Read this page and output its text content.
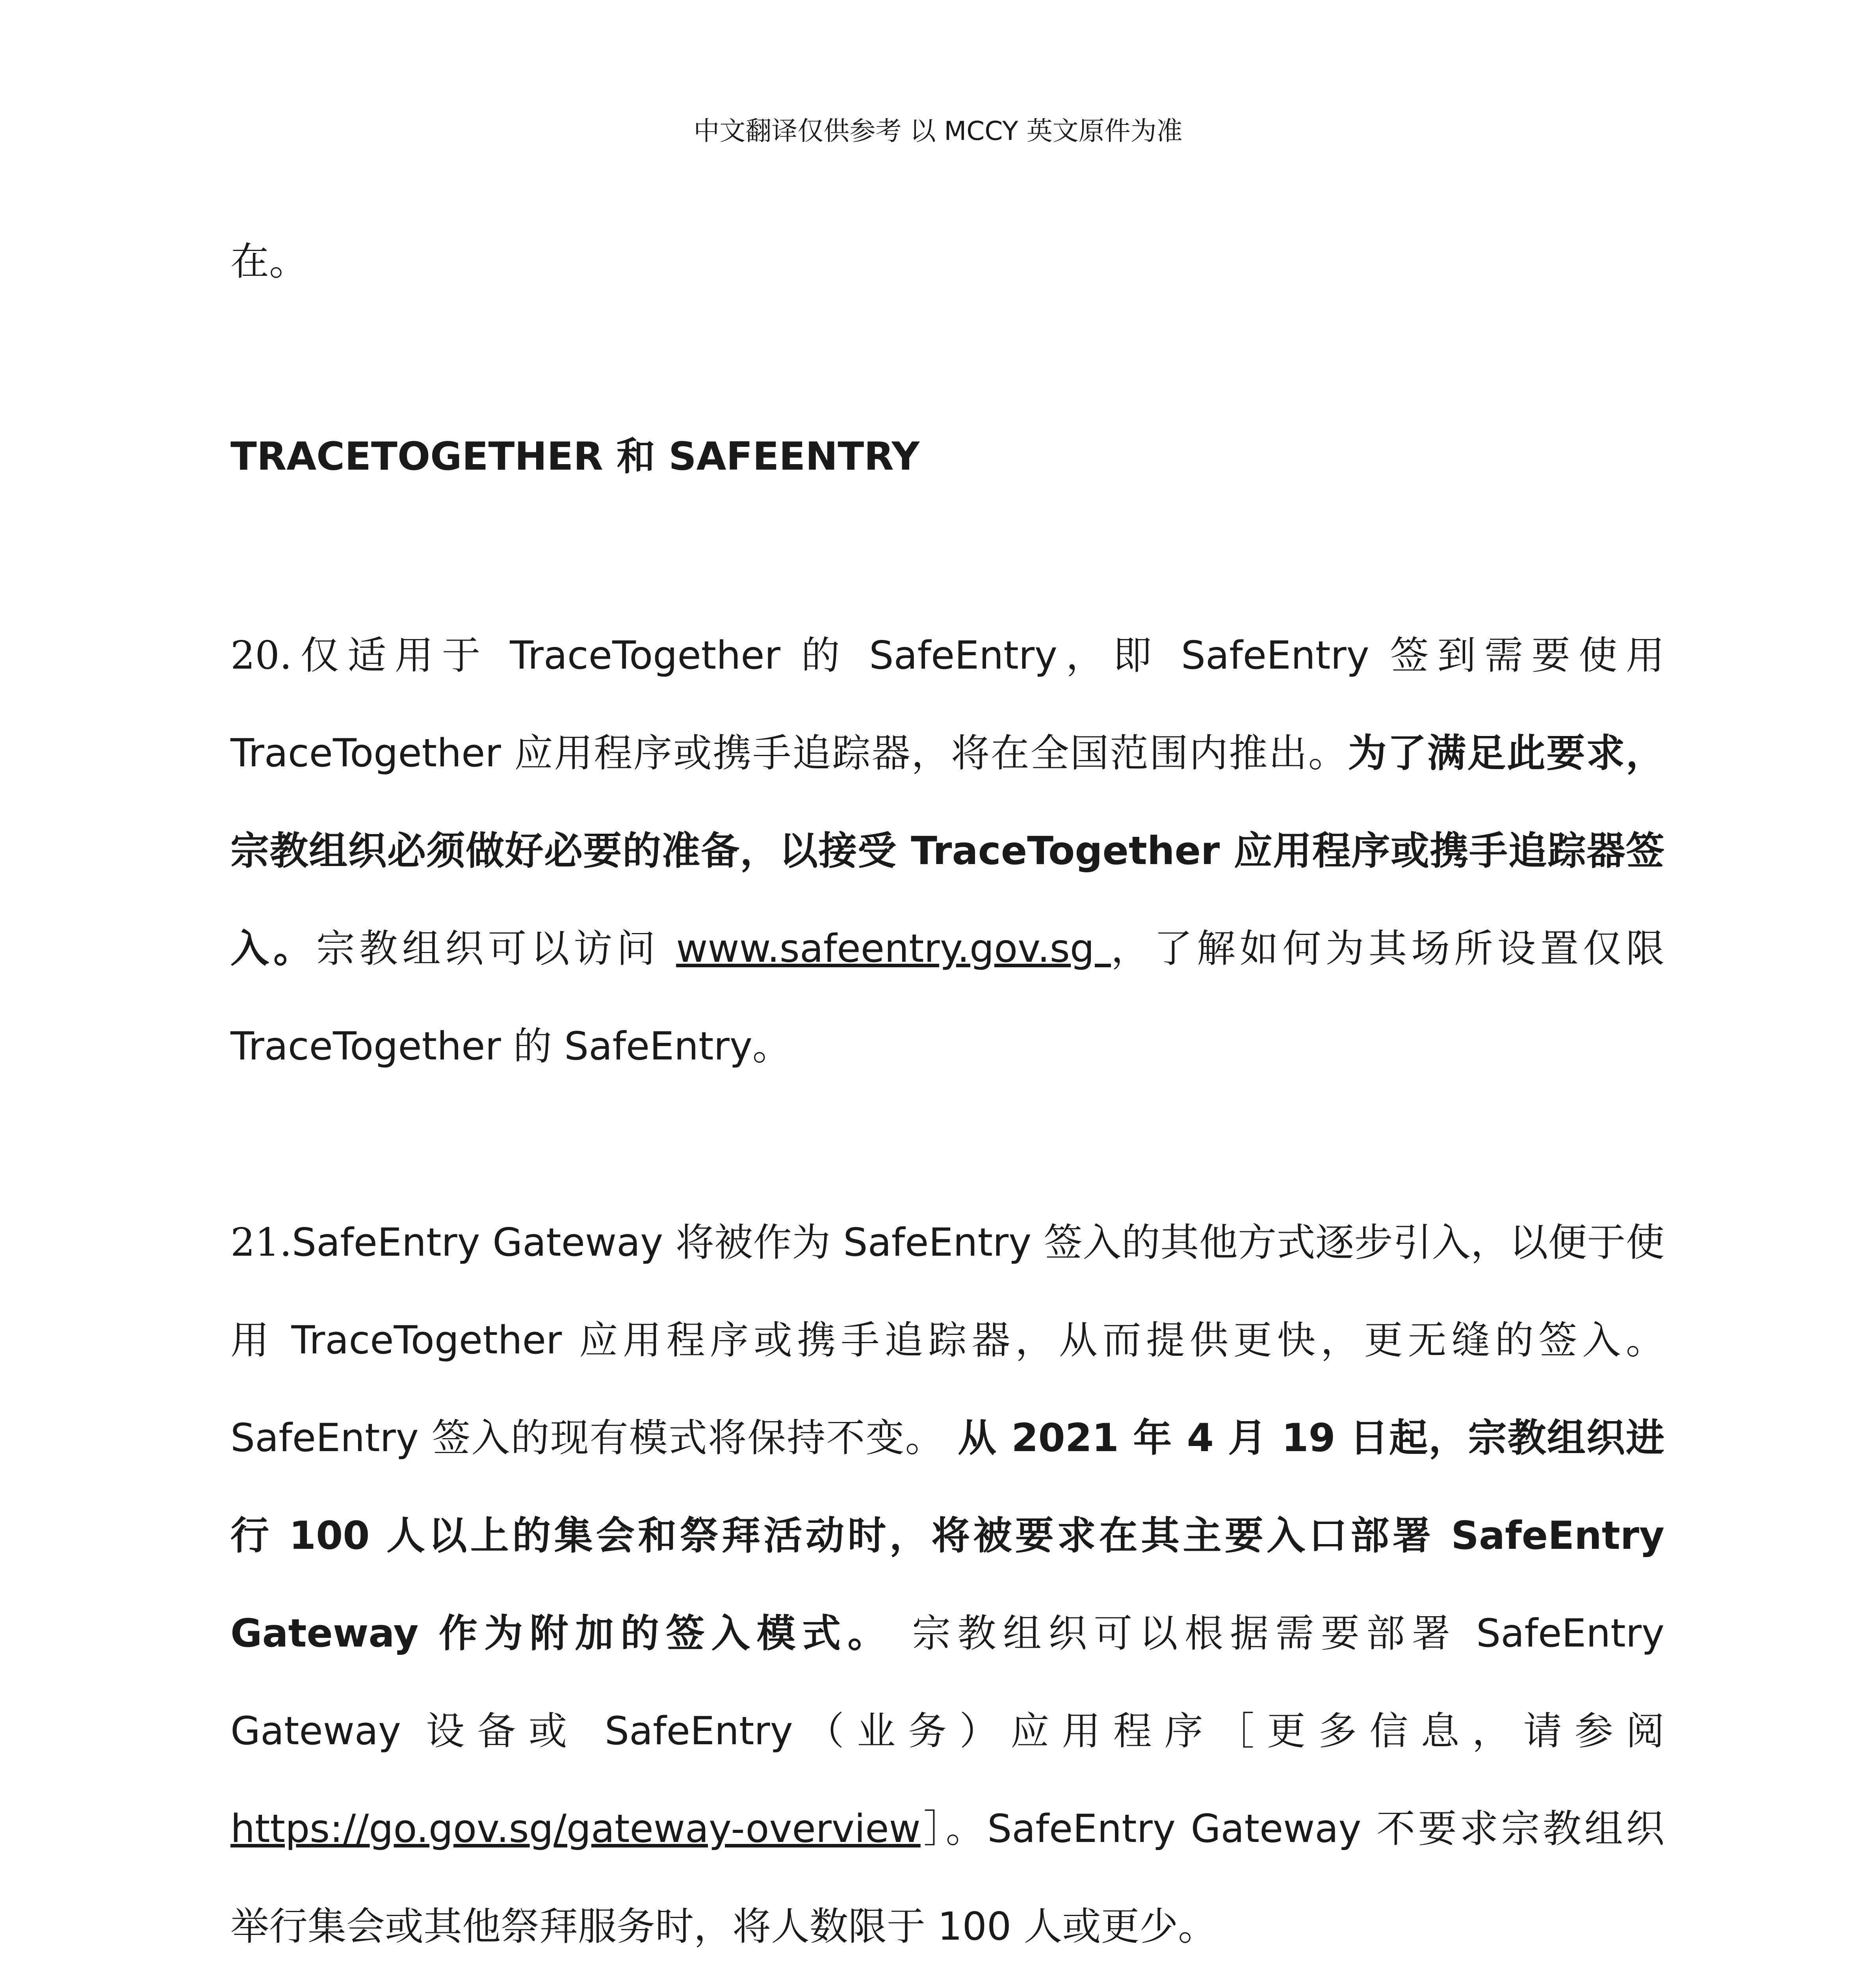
中文翻译仅供参考 以 MCCY 英文原件为准
在。
TRACETOGETHER 和 SAFEENTRY
20.仅适用于 TraceTogether 的 SafeEntry，即 SafeEntry 签到需要使用 TraceTogether 应用程序或携手追踪器，将在全国范围内推出。为了满足此要求，宗教组织必须做好必要的准备，以接受 TraceTogether 应用程序或携手追踪器签入。宗教组织可以访问 www.safeentry.gov.sg ，了解如何为其场所设置仅限 TraceTogether 的 SafeEntry。
21.SafeEntry Gateway 将被作为 SafeEntry 签入的其他方式逐步引入，以便于使用 TraceTogether 应用程序或携手追踪器，从而提供更快，更无缝的签入。 SafeEntry 签入的现有模式将保持不变。 从 2021 年 4 月 19 日起，宗教组织进行 100 人以上的集会和祭拜活动时，将被要求在其主要入口部署 SafeEntry Gateway 作为附加的签入模式。 宗教组织可以根据需要部署 SafeEntry Gateway 设备或 SafeEntry（业务）应用程序［更多信息，请参阅 https://go.gov.sg/gateway-overview］。SafeEntry Gateway 不要求宗教组织举行集会或其他祭拜服务时，将人数限于 100 人或更少。
